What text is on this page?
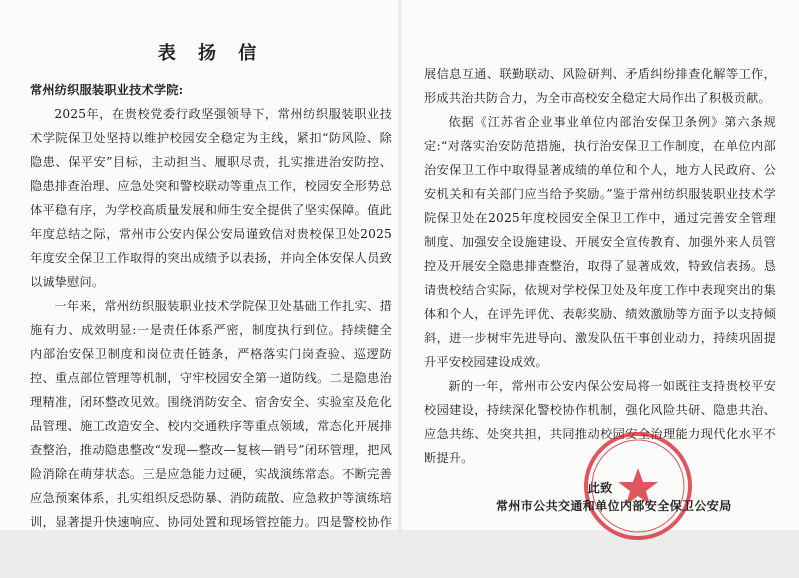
表 扬 信
常州纺织服装职业技术学院:

2025年，在贵校党委行政坚强领导下，常州纺织服装职业技术学院保卫处坚持以维护校园安全稳定为主线，紧扣“防风险、除隐患、保平安”目标，主动担当、履职尽责，扎实推进治安防控、隐患排查治理、应急处突和警校联动等重点工作，校园安全形势总体平稳有序，为学校高质量发展和师生安全提供了坚实保障。值此年度总结之际，常州市公安内保公安局谨致信对贵校保卫处2025年度安全保卫工作取得的突出成绩予以表扬，并向全体安保人员致以诚挚慰问。

一年来，常州纺织服装职业技术学院保卫处基础工作扎实、措施有力、成效明显:一是责任体系严密，制度执行到位。持续健全内部治安保卫制度和岗位责任链条，严格落实门岗查验、巡逻防控、重点部位管理等机制，守牢校园安全第一道防线。二是隐患治理精准，闭环整改见效。围绕消防安全、宿舍安全、实验室及危化品管理、施工改造安全、校内交通秩序等重点领域，常态化开展排查整治，推动隐患整改“发现—整改—复核—销号”闭环管理，把风险消除在萌芽状态。三是应急能力过硬，实战演练常态。不断完善应急预案体系，扎实组织反恐防暴、消防疏散、应急救护等演练培训，显著提升快速响应、协同处置和现场管控能力。四是警校协作

展信息互通、联勤联动、风险研判、矛盾纠纷排查化解等工作，形成共治共防合力，为全市高校安全稳定大局作出了积极贡献。

依据《江苏省企业事业单位内部治安保卫条例》第六条规定:“对落实治安防范措施，执行治安保卫工作制度，在单位内部治安保卫工作中取得显著成绩的单位和个人，地方人民政府、公安机关和有关部门应当给予奖励。”鉴于常州纺织服装职业技术学院保卫处在2025年度校园安全保卫工作中，通过完善安全管理制度、加强安全设施建设、开展安全宣传教育、加强外来人员管控及开展安全隐患排查整治，取得了显著成效，特致信表扬。恳请贵校结合实际，依规对学校保卫处及年度工作中表现突出的集体和个人，在评先评优、表彰奖励、绩效激励等方面予以支持倾斜，进一步树牢先进导向、激发队伍干事创业动力，持续巩固提升平安校园建设成效。

新的一年，常州市公安内保公安局将一如既往支持贵校平安校园建设，持续深化警校协作机制，强化风险共研、隐患共治、应急共练、处突共担，共同推动校园安全治理能力现代化水平不断提升。

此致
常州市公共交通和单位内部安全保卫公安局
